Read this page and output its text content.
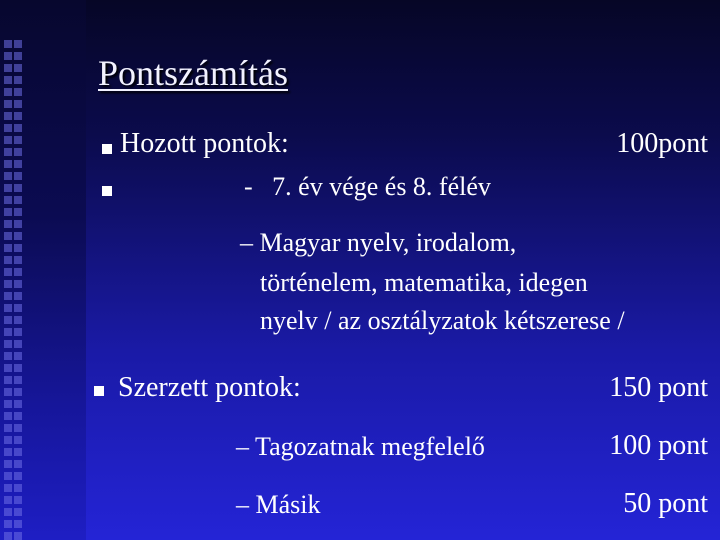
Pontszámítás
Hozott pontok:	100pont
-   7. év vége és 8. félév
– Magyar nyelv, irodalom,
történelem, matematika, idegen
nyelv / az osztályzatok kétszerese /
Szerzett pontok:	150 pont
– Tagozatnak megfelelő	100 pont
– Másik	50 pont
